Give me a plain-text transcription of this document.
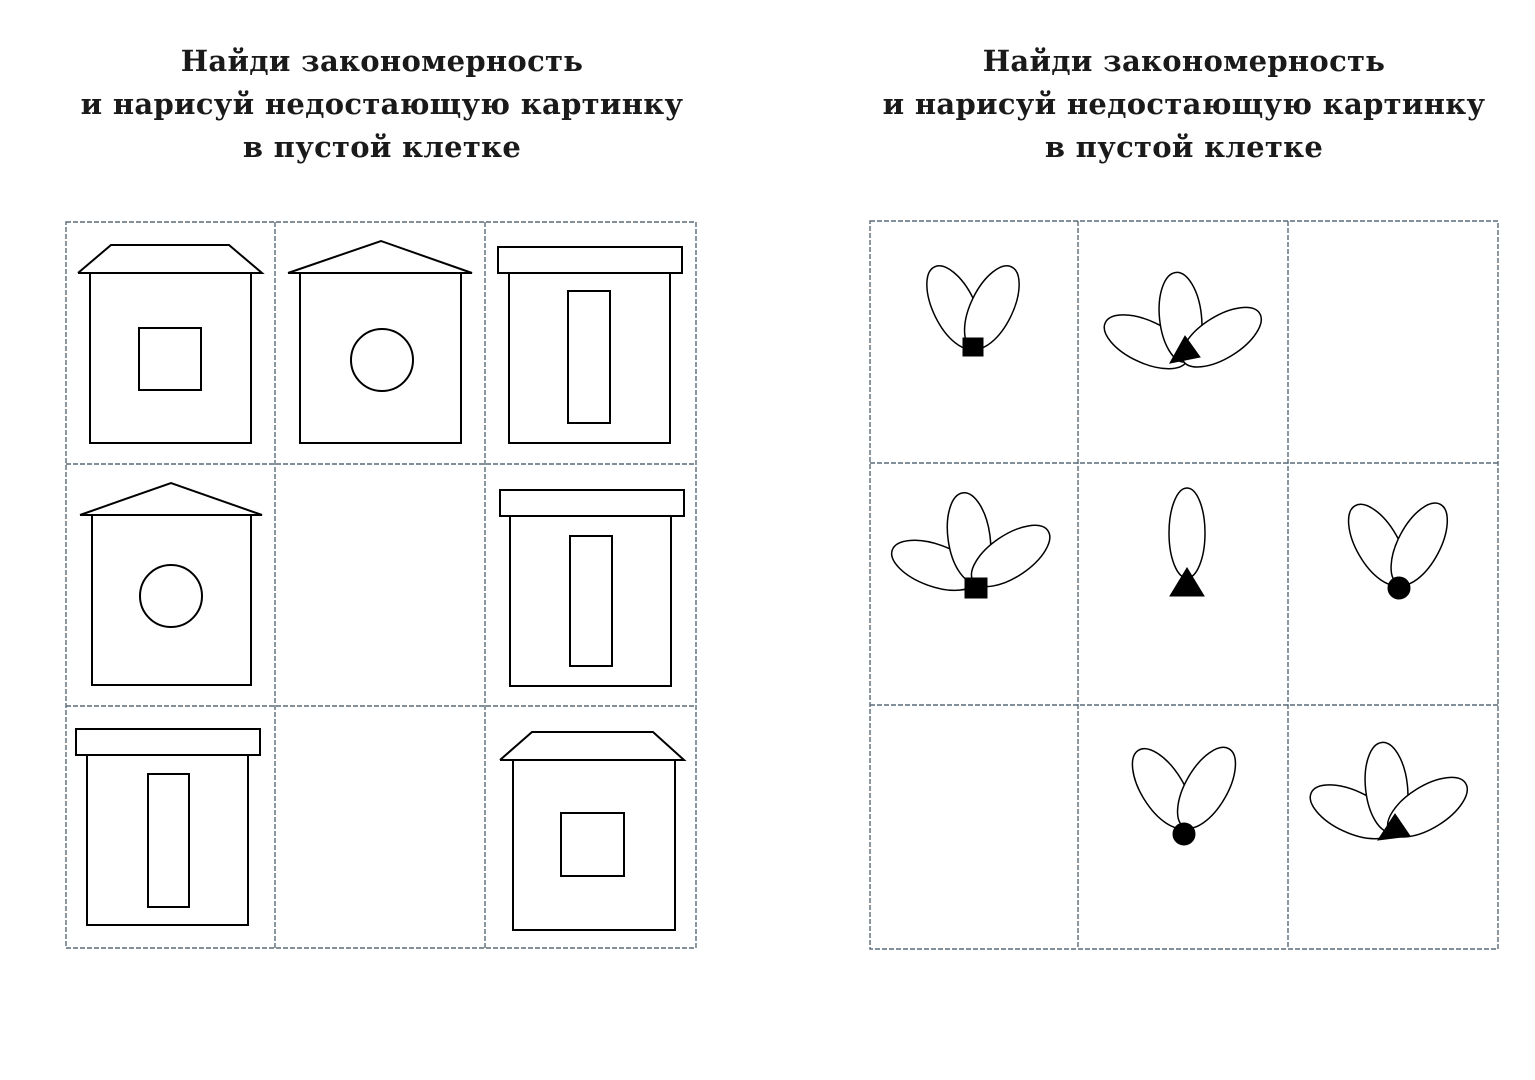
Найди закономерность
и нарисуй недостающую картинку
в пустой клетке
Найди закономерность
и нарисуй недостающую картинку
в пустой клетке
